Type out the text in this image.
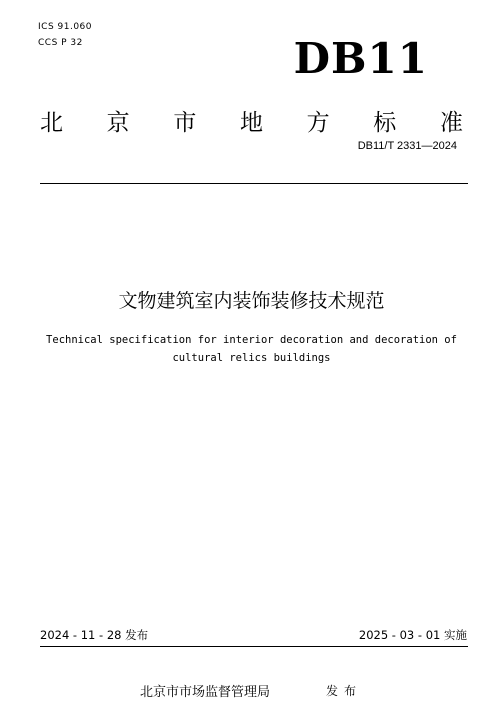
ICS 91.060
CCS P 32	DB11
北 京 市 地 方 标 准
DB11/T 2331—2024
文物建筑室内装饰装修技术规范
Technical specification for interior decoration and decoration of
cultural relics buildings
2024 - 11 - 28 发布	2025 - 03 - 01 实施
北京市市场监督管理局	发布
